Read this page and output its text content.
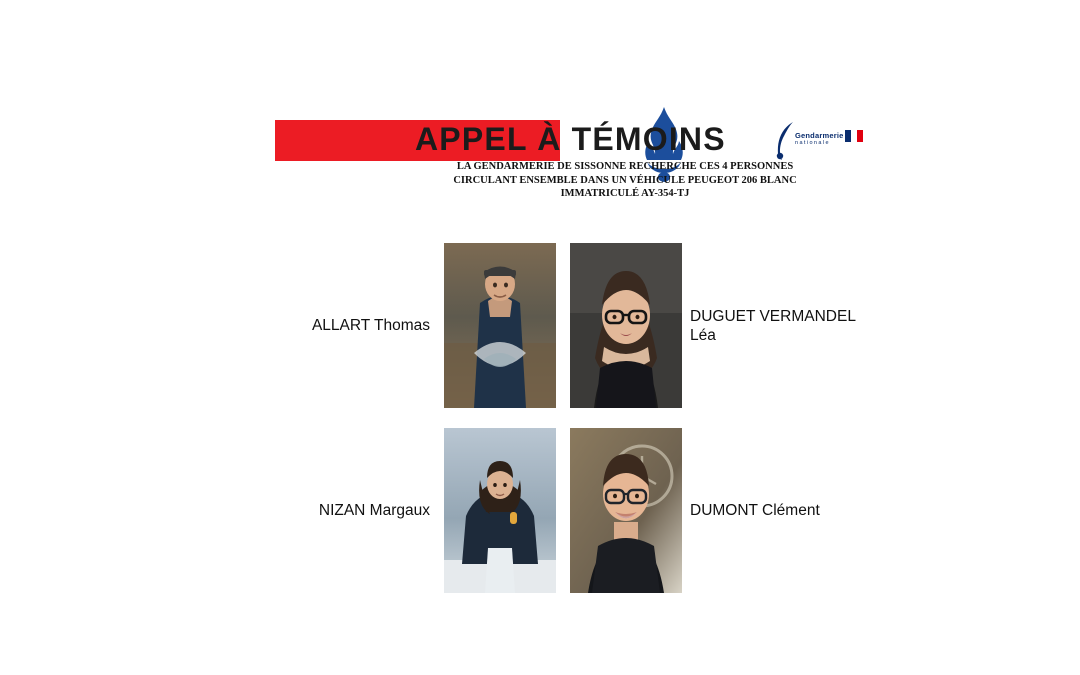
APPEL À TÉMOINS
LA GENDARMERIE DE SISSONNE RECHERCHE CES 4 PERSONNES
CIRCULANT ENSEMBLE DANS UN VÉHICULE PEUGEOT 206 BLANC
IMMATRICULÉ AY-354-TJ
Gendarmerie
nationale
ALLART Thomas
DUGUET VERMANDEL Léa
NIZAN Margaux	DUMONT Clément
